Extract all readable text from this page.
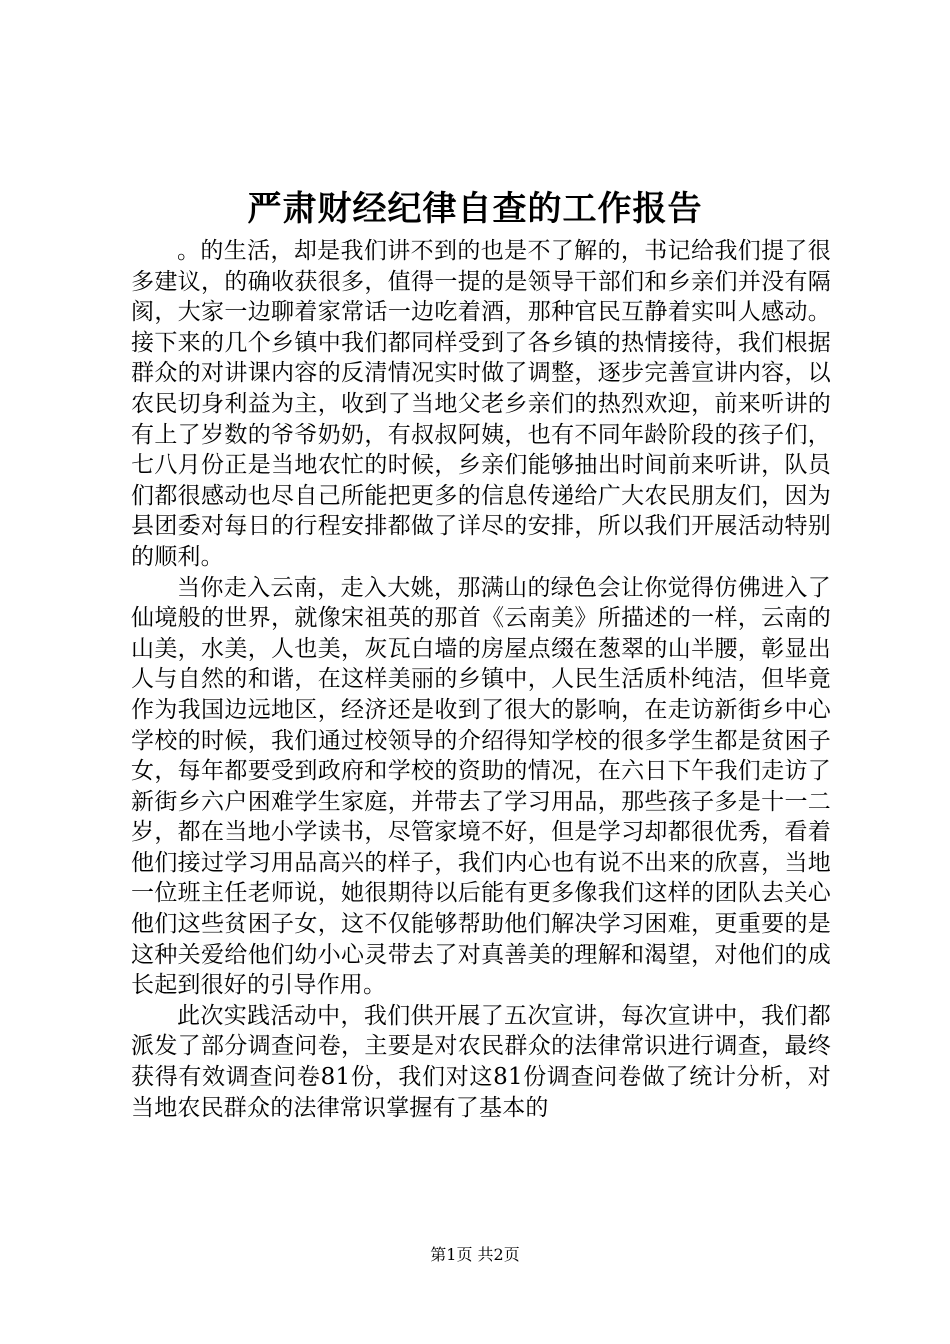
严肃财经纪律自查的工作报告

。的生活，却是我们讲不到的也是不了解的，书记给我们提了很多建议，的确收获很多，值得一提的是领导干部们和乡亲们并没有隔阂，大家一边聊着家常话一边吃着酒，那种官民互静着实叫人感动。接下来的几个乡镇中我们都同样受到了各乡镇的热情接待，我们根据群众的对讲课内容的反清情况实时做了调整，逐步完善宣讲内容，以农民切身利益为主，收到了当地父老乡亲们的热烈欢迎，前来听讲的有上了岁数的爷爷奶奶，有叔叔阿姨，也有不同年龄阶段的孩子们，七八月份正是当地农忙的时候，乡亲们能够抽出时间前来听讲，队员们都很感动也尽自己所能把更多的信息传递给广大农民朋友们，因为县团委对每日的行程安排都做了详尽的安排，所以我们开展活动特别的顺利。

当你走入云南，走入大姚，那满山的绿色会让你觉得仿佛进入了仙境般的世界，就像宋祖英的那首《云南美》所描述的一样，云南的山美，水美，人也美，灰瓦白墙的房屋点缀在葱翠的山半腰，彰显出人与自然的和谐，在这样美丽的乡镇中，人民生活质朴纯洁，但毕竟作为我国边远地区，经济还是收到了很大的影响，在走访新街乡中心学校的时候，我们通过校领导的介绍得知学校的很多学生都是贫困子女，每年都要受到政府和学校的资助的情况，在六日下午我们走访了新街乡六户困难学生家庭，并带去了学习用品，那些孩子多是十一二岁，都在当地小学读书，尽管家境不好，但是学习却都很优秀，看着他们接过学习用品高兴的样子，我们内心也有说不出来的欣喜，当地一位班主任老师说，她很期待以后能有更多像我们这样的团队去关心他们这些贫困子女，这不仅能够帮助他们解决学习困难，更重要的是这种关爱给他们幼小心灵带去了对真善美的理解和渴望，对他们的成长起到很好的引导作用。

此次实践活动中，我们供开展了五次宣讲，每次宣讲中，我们都派发了部分调查问卷，主要是对农民群众的法律常识进行调查，最终获得有效调查问卷81份，我们对这81份调查问卷做了统计分析，对当地农民群众的法律常识掌握有了基本的

第1页 共2页
